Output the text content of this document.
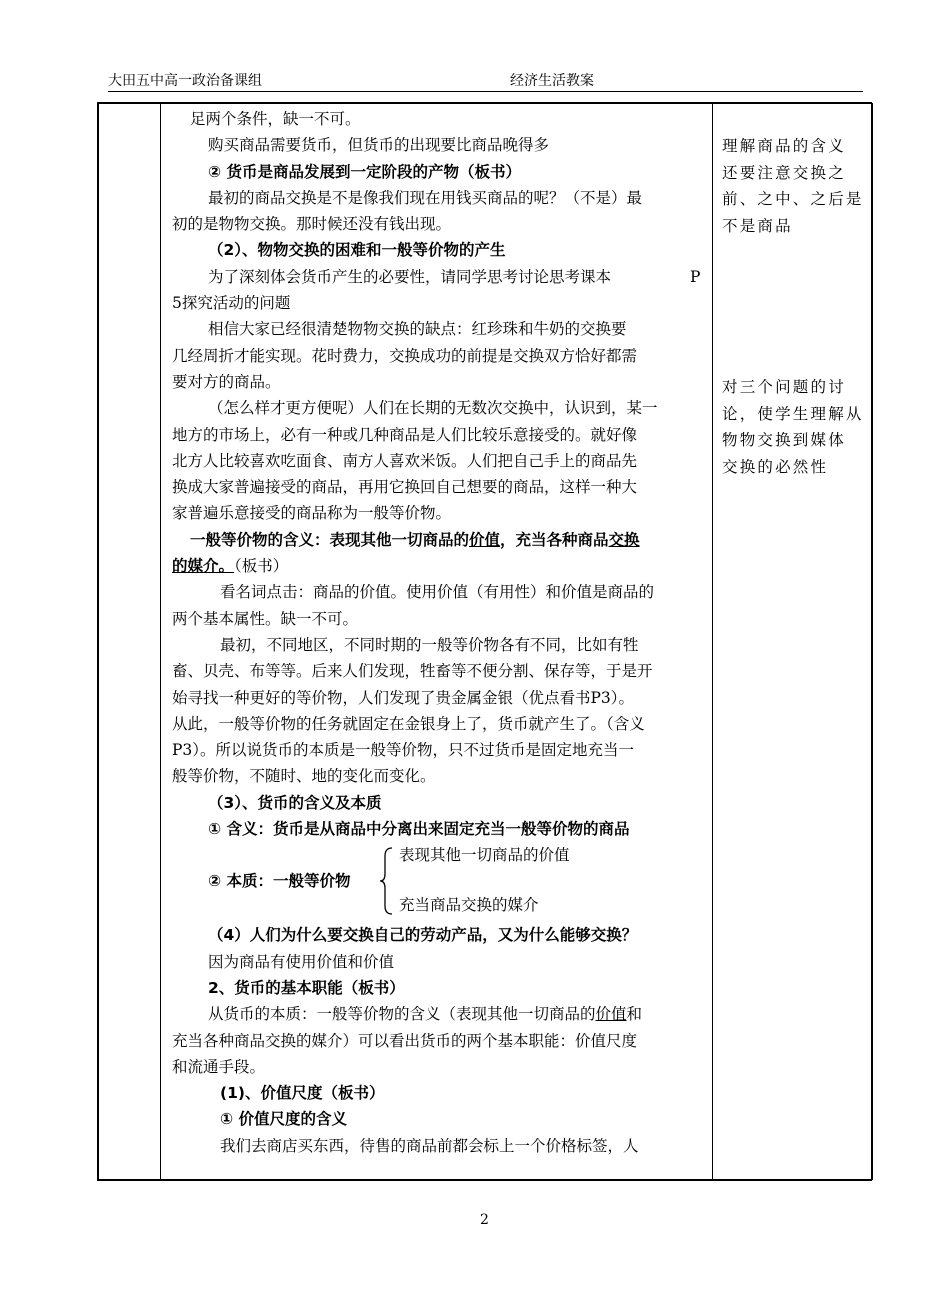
大田五中高一政治备课组	经济生活教案
足两个条件，缺一不可。
购买商品需要货币，但货币的出现要比商品晚得多
② 货币是商品发展到一定阶段的产物（板书）
最初的商品交换是不是像我们现在用钱买商品的呢？（不是）最
初的是物物交换。那时候还没有钱出现。
（2）、物物交换的困难和一般等价物的产生
为了深刻体会货币产生的必要性，请同学思考讨论思考课本	P
5探究活动的问题
相信大家已经很清楚物物交换的缺点：红珍珠和牛奶的交换要
几经周折才能实现。花时费力，交换成功的前提是交换双方恰好都需
要对方的商品。
（怎么样才更方便呢）人们在长期的无数次交换中，认识到，某一
地方的市场上，必有一种或几种商品是人们比较乐意接受的。就好像
北方人比较喜欢吃面食、南方人喜欢米饭。人们把自己手上的商品先
换成大家普遍接受的商品，再用它换回自己想要的商品，这样一种大
家普遍乐意接受的商品称为一般等价物。
一般等价物的含义：表现其他一切商品的价值，充当各种商品交换
的媒介。（板书）
看名词点击：商品的价值。使用价值（有用性）和价值是商品的
两个基本属性。缺一不可。
最初，不同地区，不同时期的一般等价物各有不同，比如有牲
畜、贝壳、布等等。后来人们发现，牲畜等不便分割、保存等，于是开
始寻找一种更好的等价物，人们发现了贵金属金银（优点看书P3）。
从此，一般等价物的任务就固定在金银身上了，货币就产生了。（含义
P3）。所以说货币的本质是一般等价物，只不过货币是固定地充当一
般等价物，不随时、地的变化而变化。
（3）、货币的含义及本质
① 含义：货币是从商品中分离出来固定充当一般等价物的商品
表现其他一切商品的价值
② 本质：一般等价物
充当商品交换的媒介
（4）人们为什么要交换自己的劳动产品，又为什么能够交换？
因为商品有使用价值和价值
2、货币的基本职能（板书）
从货币的本质：一般等价物的含义（表现其他一切商品的价值和
充当各种商品交换的媒介）可以看出货币的两个基本职能：价值尺度
和流通手段。
(1)、价值尺度（板书）
① 价值尺度的含义
我们去商店买东西，待售的商品前都会标上一个价格标签，人
理解商品的含义
还要注意交换之
前、之中、之后是
不是商品
对三个问题的讨
论，使学生理解从
物物交换到媒体
交换的必然性
2
